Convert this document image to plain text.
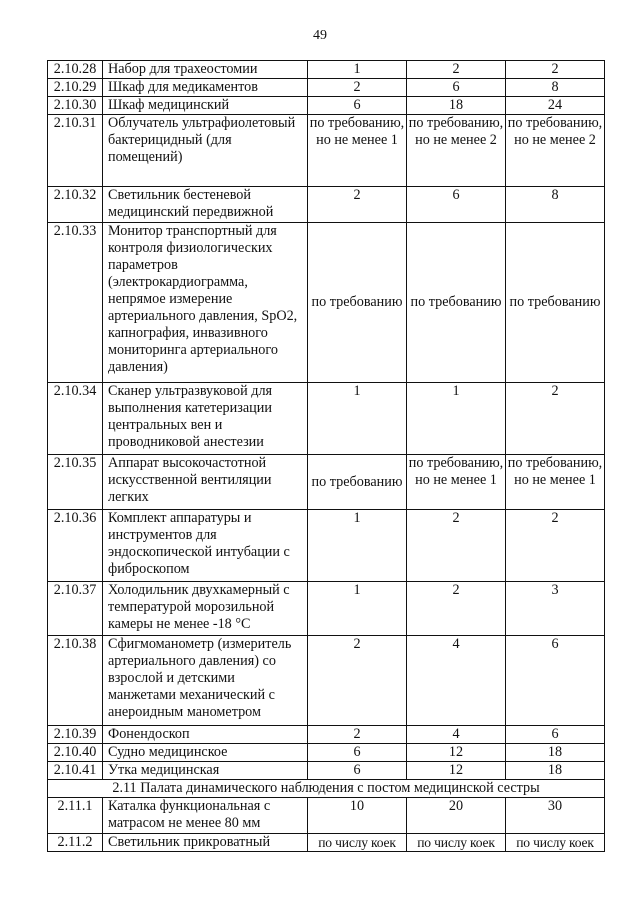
49
2.10.28	Набор для трахеостомии	1	2	2
2.10.29	Шкаф для медикаментов	2	6	8
2.10.30	Шкаф медицинский	6	18	24
2.10.31	Облучатель ультрафиолетовый бактерицидный (для помещений)	по требованию, но не менее 1	по требованию, но не менее 2	по требованию, но не менее 2
2.10.32	Светильник бестеневой медицинский передвижной	2	6	8
2.10.33	Монитор транспортный для контроля физиологических параметров (электрокардиограмма, непрямое измерение артериального давления, SpO2, капнография, инвазивного мониторинга артериального давления)	по требованию	по требованию	по требованию
2.10.34	Сканер ультразвуковой для выполнения катетеризации центральных вен и проводниковой анестезии	1	1	2
2.10.35	Аппарат высокочастотной искусственной вентиляции легких	по требованию	по требованию, но не менее 1	по требованию, но не менее 1
2.10.36	Комплект аппаратуры и инструментов для эндоскопической интубации с фиброскопом	1	2	2
2.10.37	Холодильник двухкамерный с температурой морозильной камеры не менее -18 °С	1	2	3
2.10.38	Сфигмоманометр (измеритель артериального давления) со взрослой и детскими манжетами механический с анероидным манометром	2	4	6
2.10.39	Фонендоскоп	2	4	6
2.10.40	Судно медицинское	6	12	18
2.10.41	Утка медицинская	6	12	18
2.11 Палата динамического наблюдения с постом медицинской сестры				
2.11.1	Каталка функциональная с матрасом не менее 80 мм	10	20	30
2.11.2	Светильник прикроватный	по числу коек	по числу коек	по числу коек
